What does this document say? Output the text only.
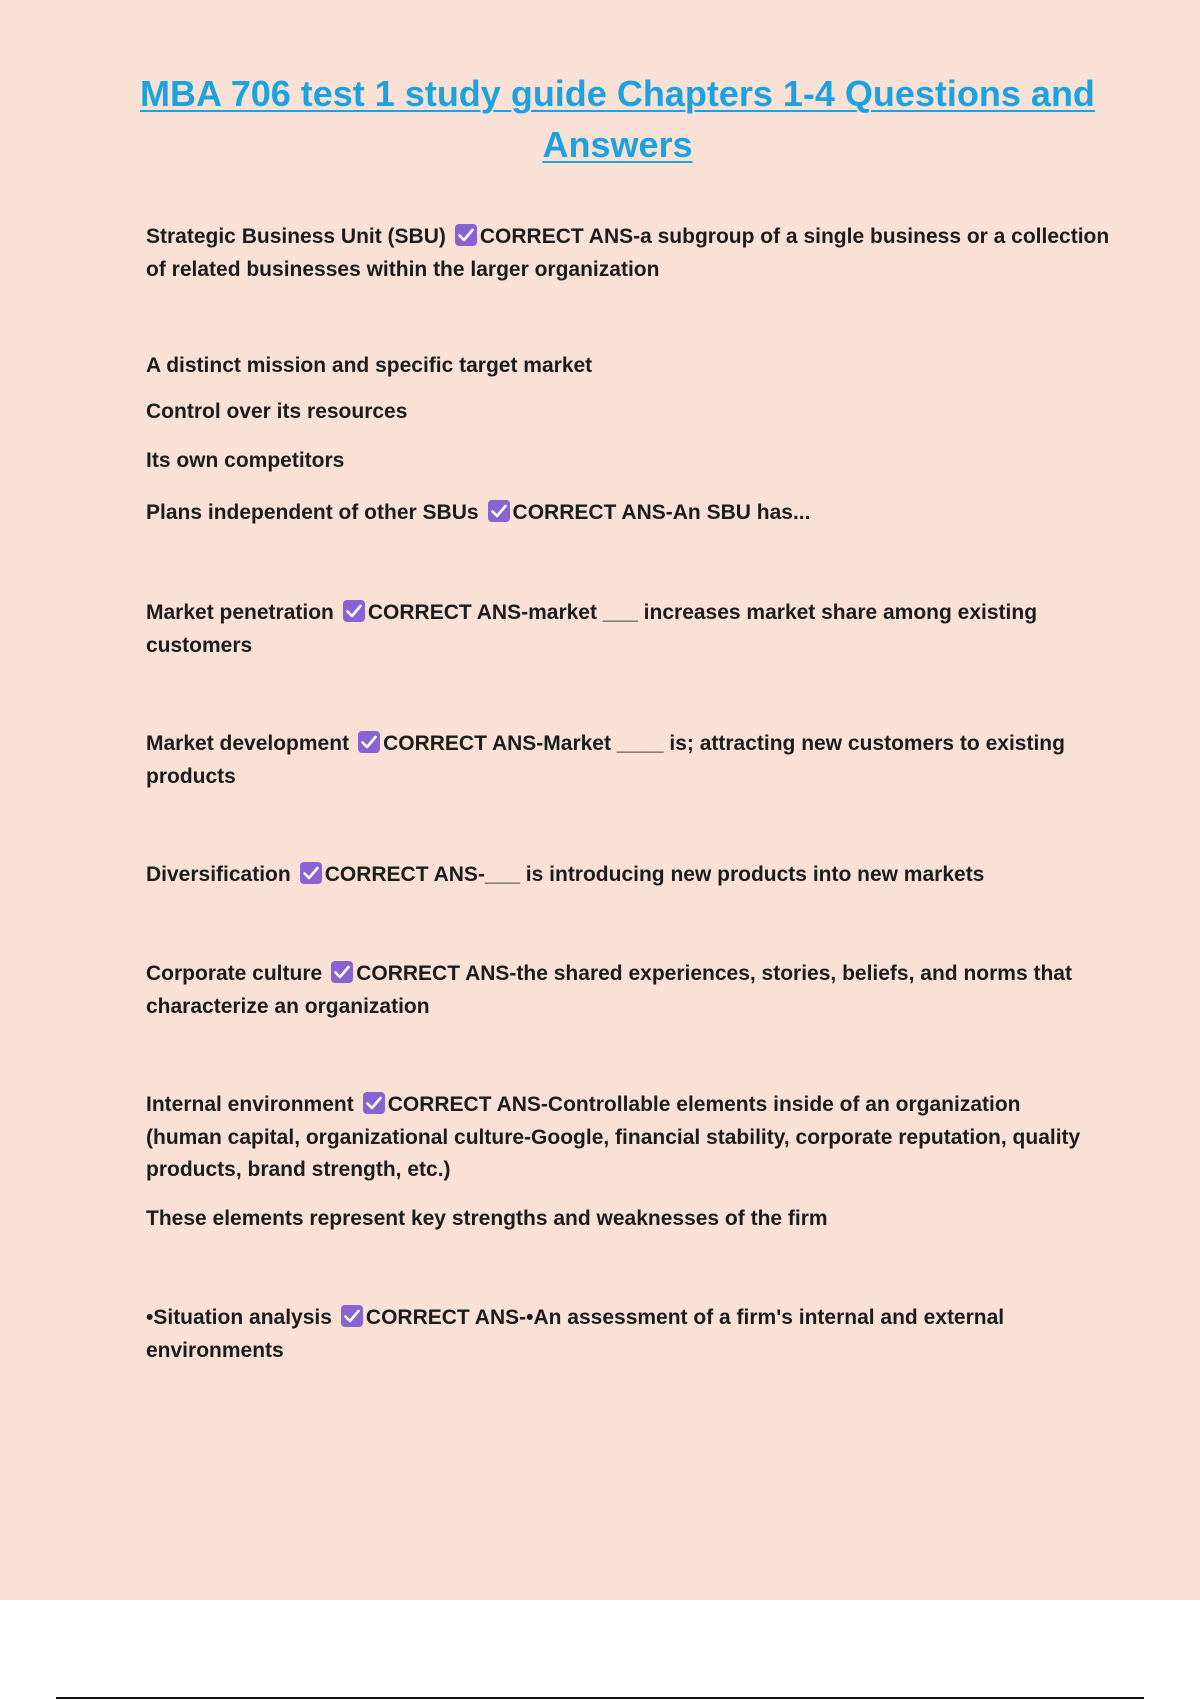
MBA 706 test 1 study guide Chapters 1-4 Questions and
Answers
Strategic Business Unit (SBU) CORRECT ANS-a subgroup of a single business or a collection
of related businesses within the larger organization
A distinct mission and specific target market
Control over its resources
Its own competitors
Plans independent of other SBUs CORRECT ANS-An SBU has...
Market penetration CORRECT ANS-market ___ increases market share among existing
customers
Market development CORRECT ANS-Market ____ is; attracting new customers to existing
products
Diversification CORRECT ANS-___ is introducing new products into new markets
Corporate culture CORRECT ANS-the shared experiences, stories, beliefs, and norms that
characterize an organization
Internal environment CORRECT ANS-Controllable elements inside of an organization
(human capital, organizational culture-Google, financial stability, corporate reputation, quality
products, brand strength, etc.)
These elements represent key strengths and weaknesses of the firm
•Situation analysis CORRECT ANS-•An assessment of a firm's internal and external
environments
